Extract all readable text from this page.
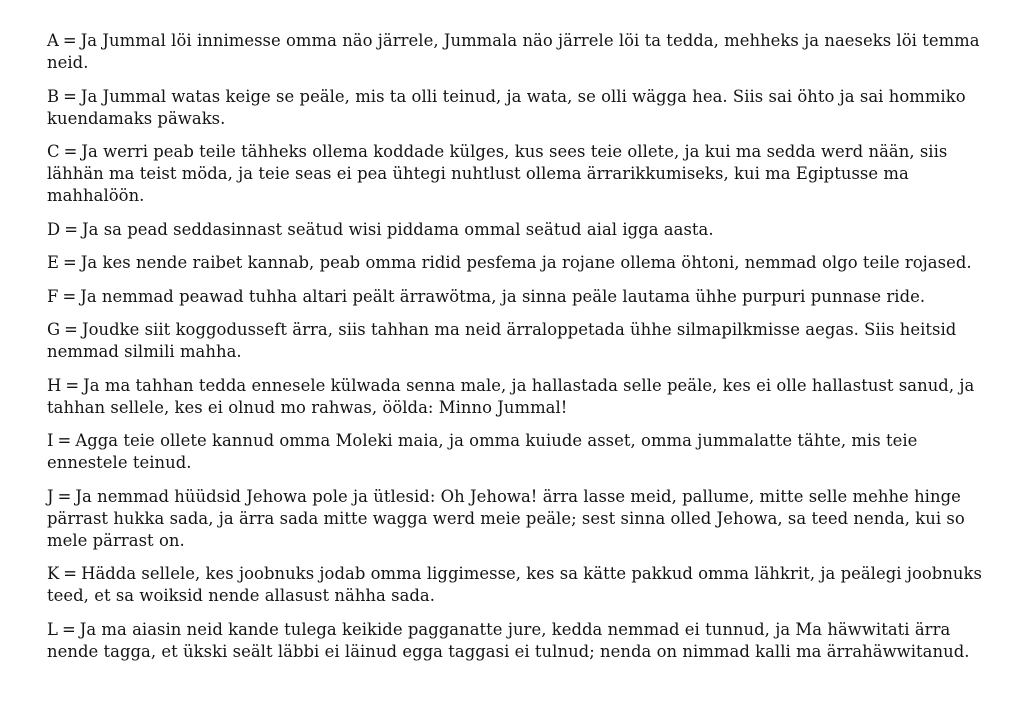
A = Ja Jummal löi innimesse omma näo järrele, Jummala näo järrele löi ta tedda, mehheks ja naeseks löi temma neid.

B = Ja Jummal watas keige se peäle, mis ta olli teinud, ja wata, se olli wägga hea. Siis sai öhto ja sai hommiko kuendamaks päwaks.

C = Ja werri peab teile tähheks ollema koddade külges, kus sees teie ollete, ja kui ma sedda werd nään, siis lähhän ma teist möda, ja teie seas ei pea ühtegi nuhtlust ollema ärrarikkumiseks, kui ma Egiptusse ma mahhalöön.

D = Ja sa pead seddasinnast seätud wisi piddama ommal seätud aial igga aasta.

E = Ja kes nende raibet kannab, peab omma ridid pesfema ja rojane ollema öhtoni, nemmad olgo teile rojased.

F = Ja nemmad peawad tuhha altari peält ärrawötma, ja sinna peäle lautama ühhe purpuri punnase ride.

G = Joudke siit koggodusseft ärra, siis tahhan ma neid ärraloppetada ühhe silmapilkmisse aegas. Siis heitsid nemmad silmili mahha.

H = Ja ma tahhan tedda ennesele külwada senna male, ja hallastada selle peäle, kes ei olle hallastust sanud, ja tahhan sellele, kes ei olnud mo rahwas, öölda: Minno Jummal!

I = Agga teie ollete kannud omma Moleki maia, ja omma kuiude asset, omma jummalatte tähte, mis teie ennestele teinud.

J = Ja nemmad hüüdsid Jehowa pole ja ütlesid: Oh Jehowa! ärra lasse meid, pallume, mitte selle mehhe hinge pärrast hukka sada, ja ärra sada mitte wagga werd meie peäle; sest sinna olled Jehowa, sa teed nenda, kui so mele pärrast on.

K = Hädda sellele, kes joobnuks jodab omma liggimesse, kes sa kätte pakkud omma lähkrit, ja peälegi joobnuks teed, et sa woiksid nende allasust nähha sada.

L = Ja ma aiasin neid kande tulega keikide pagganatte jure, kedda nemmad ei tunnud, ja Ma häwwitati ärra nende tagga, et ükski seält läbbi ei läinud egga taggasi ei tulnud; nenda on nimmad kalli ma ärrahäwwitanud.
